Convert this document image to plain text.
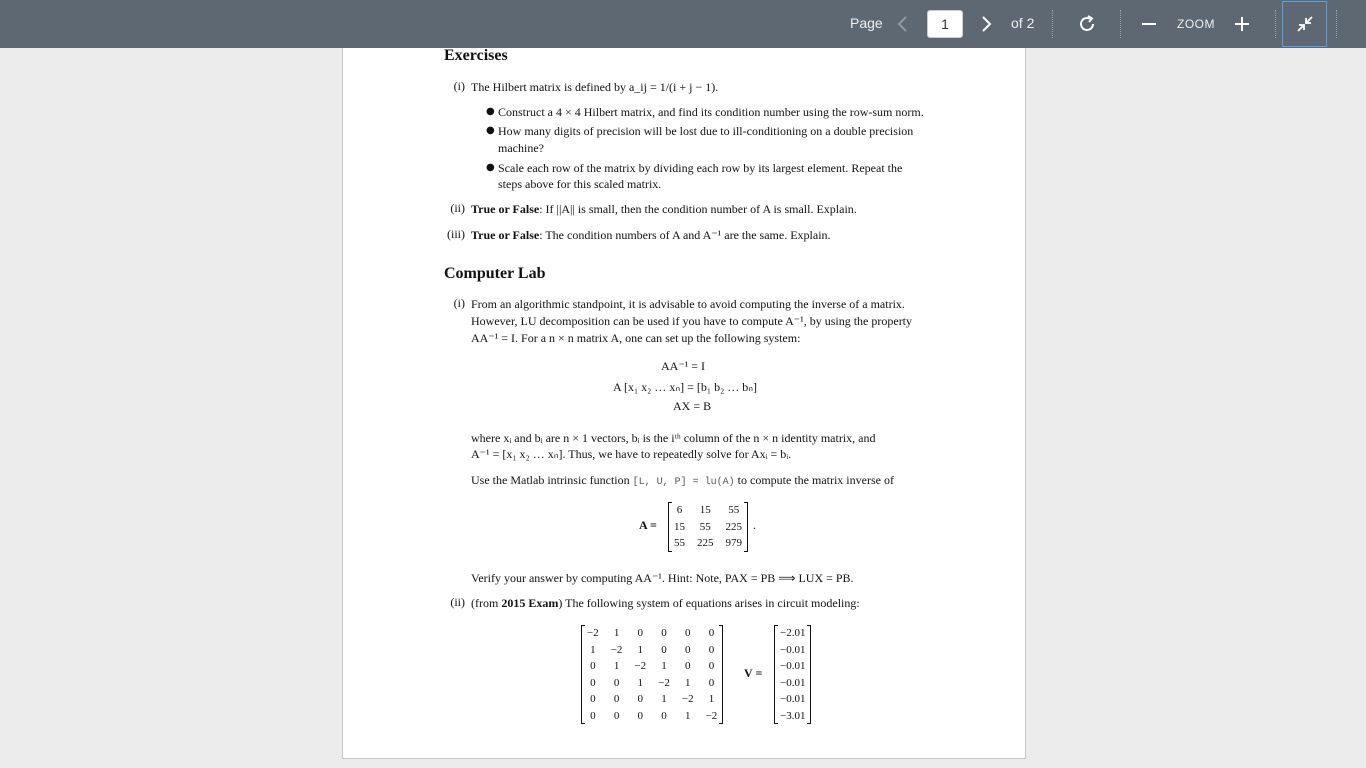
Page	1	of 2	ZOOM
Exercises
(i) The Hilbert matrix is defined by a_ij = 1/(i + j − 1).
● Construct a 4 × 4 Hilbert matrix, and find its condition number using the row-sum norm.
● How many digits of precision will be lost due to ill-conditioning on a double precision
machine?
● Scale each row of the matrix by dividing each row by its largest element. Repeat the
steps above for this scaled matrix.
(ii) True or False: If ||A|| is small, then the condition number of A is small. Explain.
(iii) True or False: The condition numbers of A and A⁻¹ are the same. Explain.
Computer Lab
(i) From an algorithmic standpoint, it is advisable to avoid computing the inverse of a matrix.
However, LU decomposition can be used if you have to compute A⁻¹, by using the property
AA⁻¹ = I. For a n × n matrix A, one can set up the following system:
AA⁻¹ = I
A [x₁ x₂ … xₙ] = [b₁ b₂ … bₙ]
AX = B
where xᵢ and bᵢ are n × 1 vectors, bᵢ is the iᵗʰ column of the n × n identity matrix, and
A⁻¹ = [x₁ x₂ … xₙ]. Thus, we have to repeatedly solve for Axᵢ = bᵢ.
Use the Matlab intrinsic function [L, U, P] = lu(A) to compute the matrix inverse of
A =
6	15	55
15	55	225
55	225	979
.
Verify your answer by computing AA⁻¹. Hint: Note, PAX = PB ⟹ LUX = PB.
(ii) (from 2015 Exam) The following system of equations arises in circuit modeling:
−2	1	0	0	0	0
1	−2	1	0	0	0
0	1	−2	1	0	0
0	0	1	−2	1	0
0	0	0	1	−2	1
0	0	0	0	1	−2
V =
−2.01
−0.01
−0.01
−0.01
−0.01
−3.01
